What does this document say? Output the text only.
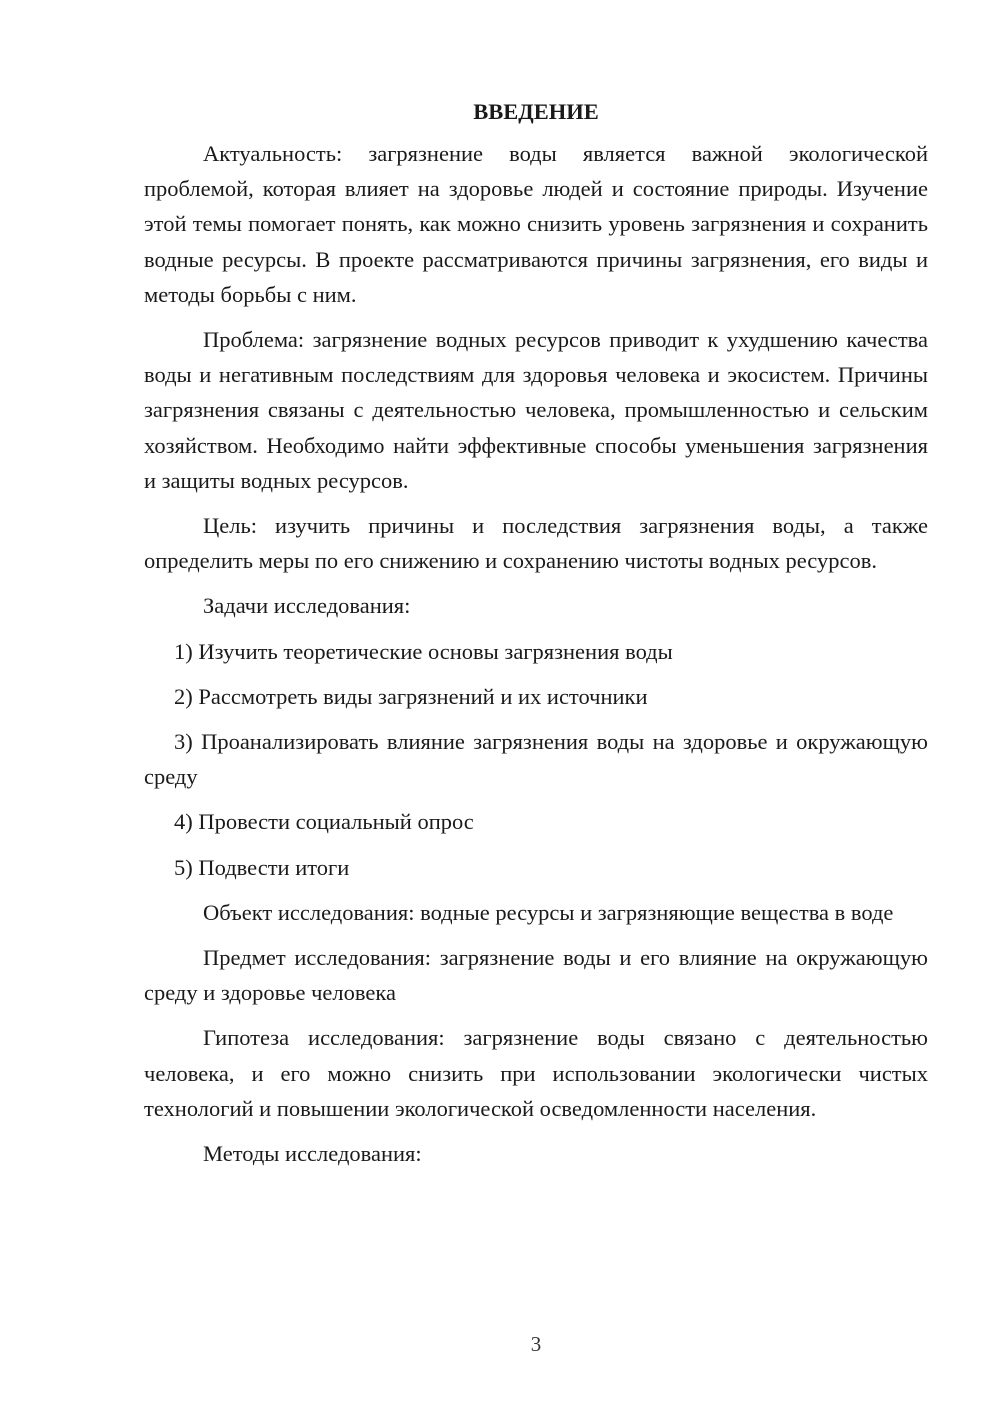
ВВЕДЕНИЕ

Актуальность: загрязнение воды является важной экологической проблемой, которая влияет на здоровье людей и состояние природы. Изучение этой темы помогает понять, как можно снизить уровень загрязнения и сохранить водные ресурсы. В проекте рассматриваются причины загрязнения, его виды и методы борьбы с ним.

Проблема: загрязнение водных ресурсов приводит к ухудшению качества воды и негативным последствиям для здоровья человека и экосистем. Причины загрязнения связаны с деятельностью человека, промышленностью и сельским хозяйством. Необходимо найти эффективные способы уменьшения загрязнения и защиты водных ресурсов.

Цель: изучить причины и последствия загрязнения воды, а также определить меры по его снижению и сохранению чистоты водных ресурсов.

Задачи исследования:

1) Изучить теоретические основы загрязнения воды

2) Рассмотреть виды загрязнений и их источники

3) Проанализировать влияние загрязнения воды на здоровье и окружающую среду

4) Провести социальный опрос

5) Подвести итоги

Объект исследования: водные ресурсы и загрязняющие вещества в воде

Предмет исследования: загрязнение воды и его влияние на окружающую среду и здоровье человека

Гипотеза исследования: загрязнение воды связано с деятельностью человека, и его можно снизить при использовании экологически чистых технологий и повышении экологической осведомленности населения.

Методы исследования:

3
